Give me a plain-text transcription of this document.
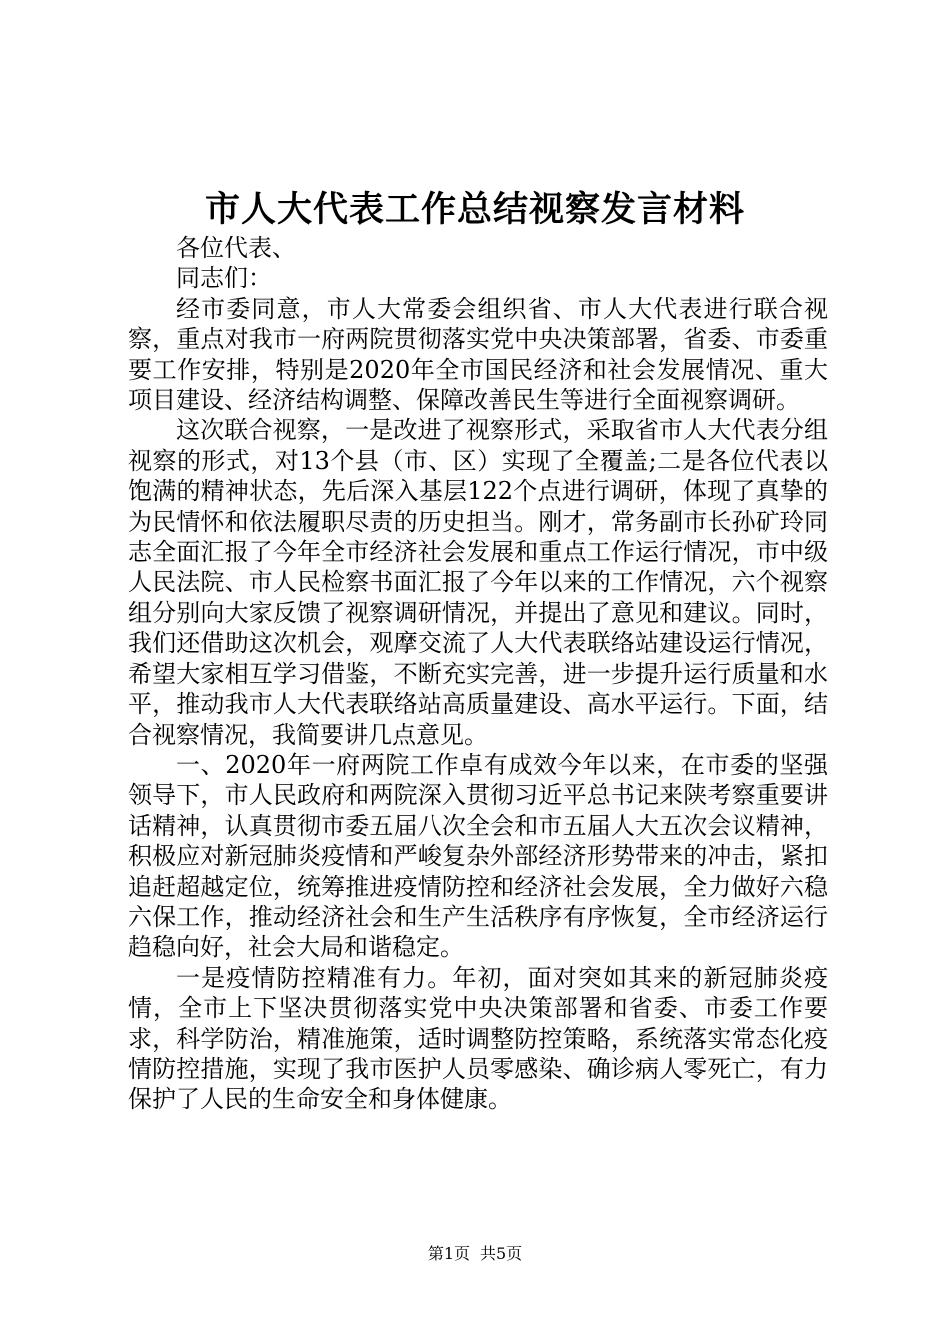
市人大代表工作总结视察发言材料

各位代表、

同志们：

经市委同意，市人大常委会组织省、市人大代表进行联合视察，重点对我市一府两院贯彻落实党中央决策部署，省委、市委重要工作安排，特别是2020年全市国民经济和社会发展情况、重大项目建设、经济结构调整、保障改善民生等进行全面视察调研。

这次联合视察，一是改进了视察形式，采取省市人大代表分组视察的形式，对13个县（市、区）实现了全覆盖;二是各位代表以饱满的精神状态，先后深入基层122个点进行调研，体现了真挚的为民情怀和依法履职尽责的历史担当。刚才，常务副市长孙矿玲同志全面汇报了今年全市经济社会发展和重点工作运行情况，市中级人民法院、市人民检察书面汇报了今年以来的工作情况，六个视察组分别向大家反馈了视察调研情况，并提出了意见和建议。同时，我们还借助这次机会，观摩交流了人大代表联络站建设运行情况，希望大家相互学习借鉴，不断充实完善，进一步提升运行质量和水平，推动我市人大代表联络站高质量建设、高水平运行。下面，结合视察情况，我简要讲几点意见。

一、2020年一府两院工作卓有成效今年以来，在市委的坚强领导下，市人民政府和两院深入贯彻习近平总书记来陕考察重要讲话精神，认真贯彻市委五届八次全会和市五届人大五次会议精神，积极应对新冠肺炎疫情和严峻复杂外部经济形势带来的冲击，紧扣追赶超越定位，统筹推进疫情防控和经济社会发展，全力做好六稳六保工作，推动经济社会和生产生活秩序有序恢复，全市经济运行趋稳向好，社会大局和谐稳定。

一是疫情防控精准有力。年初，面对突如其来的新冠肺炎疫情，全市上下坚决贯彻落实党中央决策部署和省委、市委工作要求，科学防治，精准施策，适时调整防控策略，系统落实常态化疫情防控措施，实现了我市医护人员零感染、确诊病人零死亡，有力保护了人民的生命安全和身体健康。

第1页 共5页
